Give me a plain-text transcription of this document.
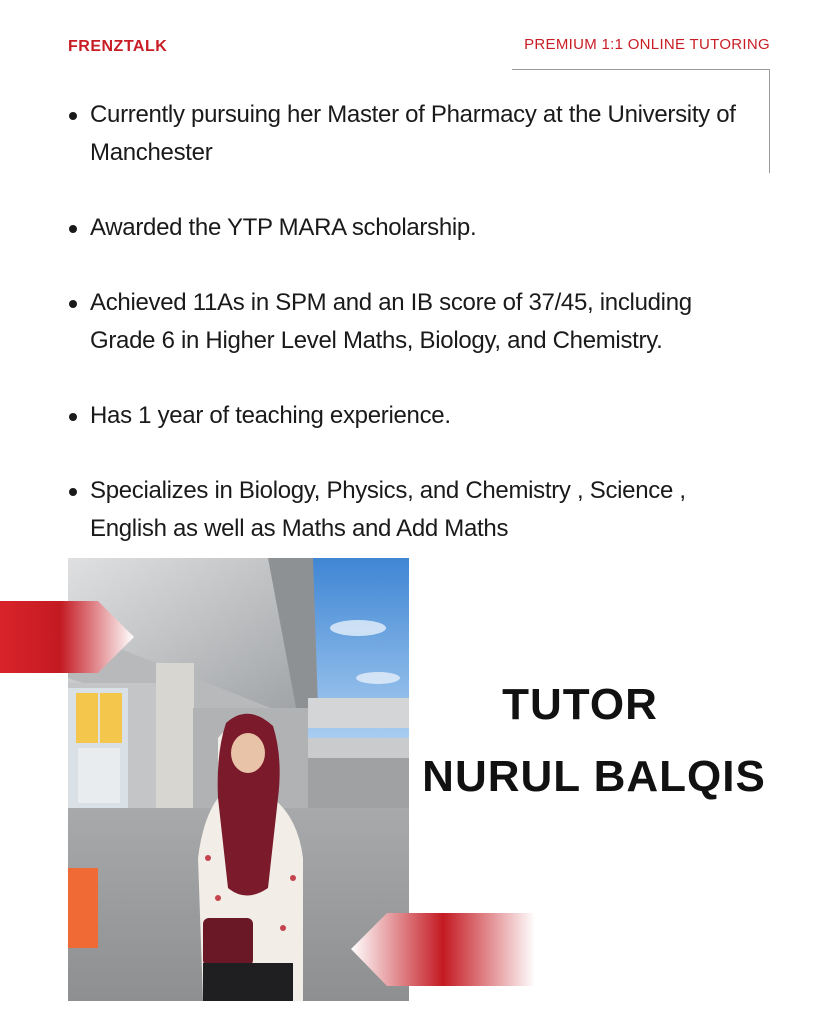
FRENZTALK	PREMIUM 1:1 ONLINE TUTORING
Currently pursuing her Master of Pharmacy at the University of Manchester
Awarded the YTP MARA scholarship.
Achieved 11As in SPM and an IB score of 37/45, including Grade 6 in Higher Level Maths, Biology, and Chemistry.
Has 1 year of teaching experience.
Specializes in Biology, Physics, and Chemistry , Science , English as well as Maths and Add Maths
TUTOR
NURUL BALQIS
